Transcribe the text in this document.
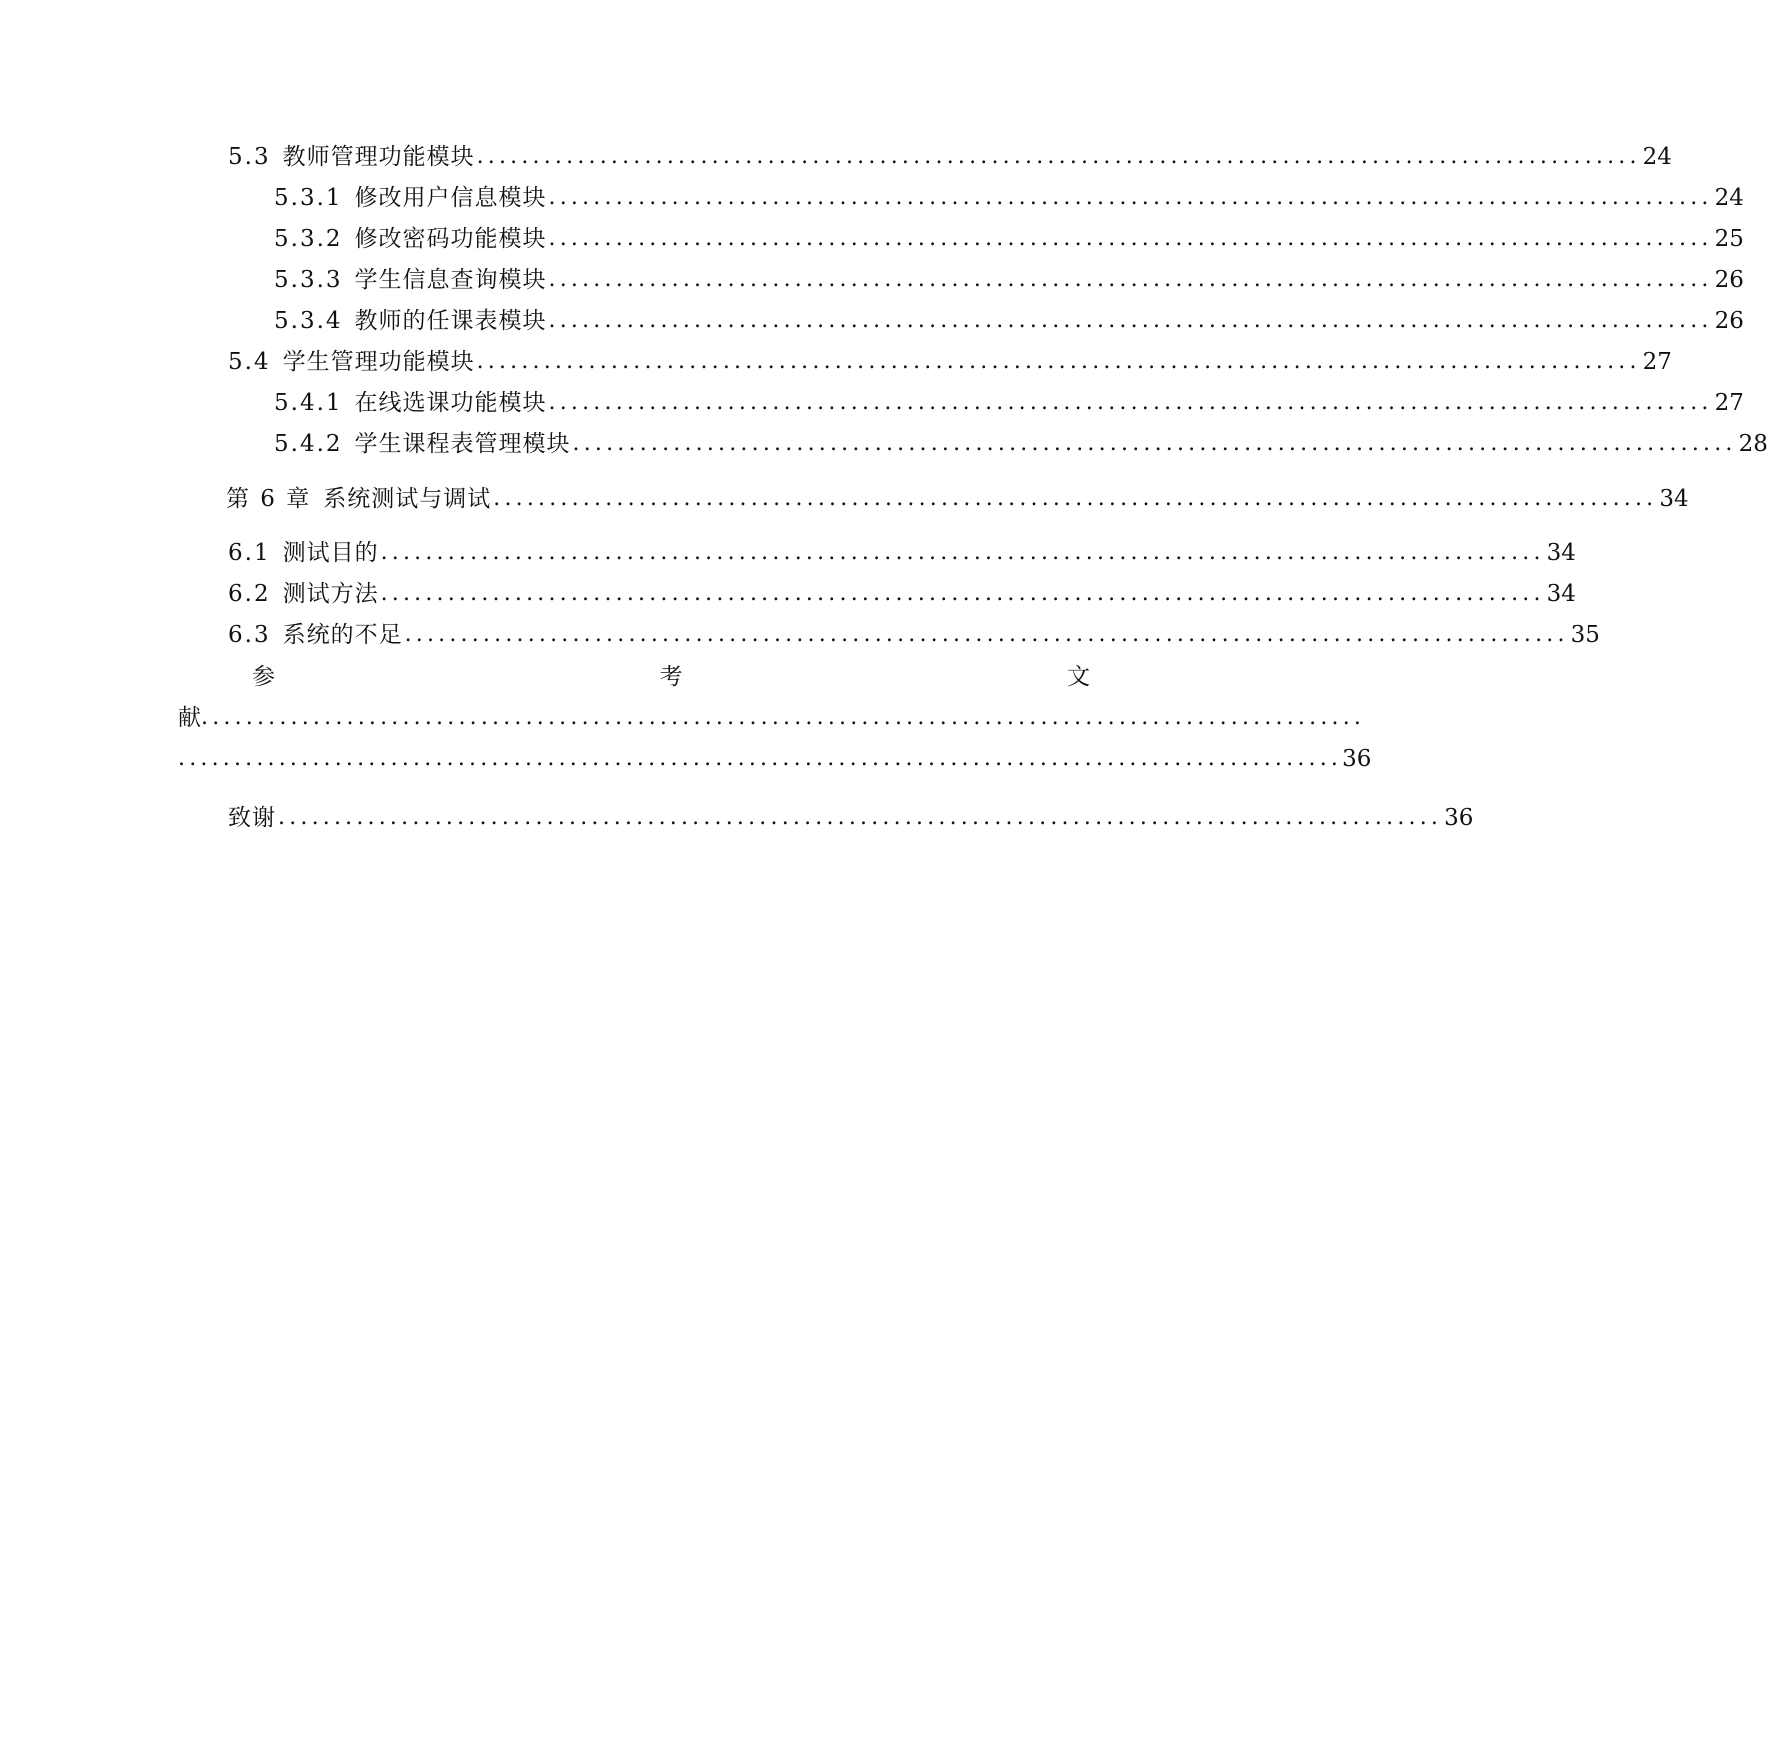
参	考	文
献 ........................................................................................................
........................................................................................................ 36
致谢 ........................................................................................................ 36
5.3 教师管理功能模块 ........................................................................................................ 24
5.3.1 修改用户信息模块 ........................................................................................................ 24
5.3.2 修改密码功能模块 ........................................................................................................ 25
5.3.3 学生信息查询模块 ........................................................................................................ 26
5.3.4 教师的任课表模块 ........................................................................................................ 26
5.4 学生管理功能模块 ........................................................................................................ 27
5.4.1 在线选课功能模块 ........................................................................................................ 27
5.4.2 学生课程表管理模块 ........................................................................................................ 28
第 6 章 系统测试与调试 ........................................................................................................ 34
6.1 测试目的 ........................................................................................................ 34
6.2 测试方法 ........................................................................................................ 34
6.3 系统的不足 ........................................................................................................ 35
